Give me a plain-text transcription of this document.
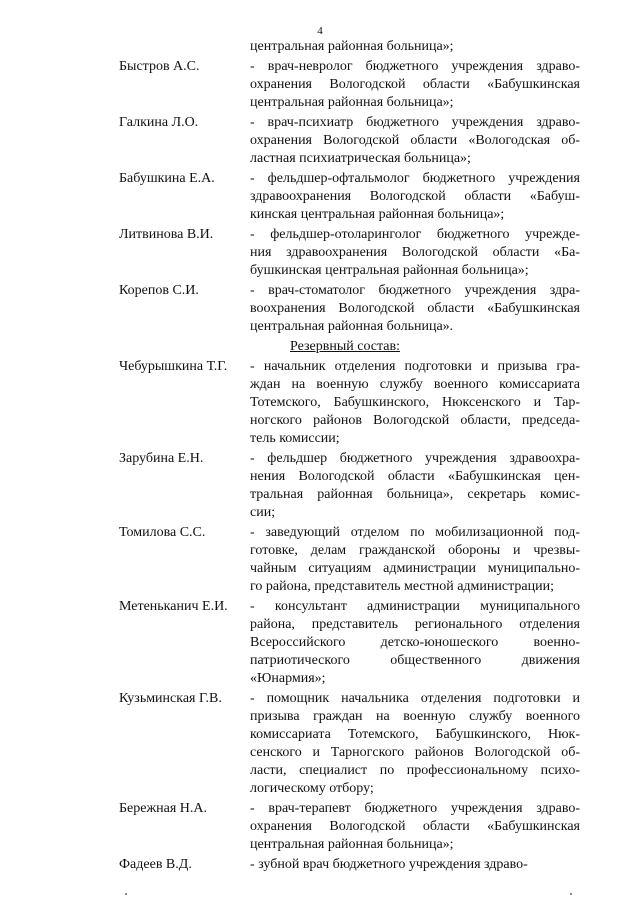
4
центральная районная больница»;
Быстров А.С.	- врач-невролог бюджетного учреждения здраво-
охранения Вологодской области «Бабушкинская
центральная районная больница»;
Галкина Л.О.	- врач-психиатр бюджетного учреждения здраво-
охранения Вологодской области «Вологодская об-
ластная психиатрическая больница»;
Бабушкина Е.А.	- фельдшер-офтальмолог бюджетного учреждения
здравоохранения Вологодской области «Бабуш-
кинская центральная районная больница»;
Литвинова В.И.	- фельдшер-отоларинголог бюджетного учрежде-
ния здравоохранения Вологодской области «Ба-
бушкинская центральная районная больница»;
Корепов С.И.	- врач-стоматолог бюджетного учреждения здра-
воохранения Вологодской области «Бабушкинская
центральная районная больница».
Резервный состав:
Чебурышкина Т.Г.	- начальник отделения подготовки и призыва гра-
ждан на военную службу военного комиссариата
Тотемского, Бабушкинского, Нюксенского и Тар-
ногского районов Вологодской области, председа-
тель комиссии;
Зарубина Е.Н.	- фельдшер бюджетного учреждения здравоохра-
нения Вологодской области «Бабушкинская цен-
тральная районная больница», секретарь комис-
сии;
Томилова С.С.	- заведующий отделом по мобилизационной под-
готовке, делам гражданской обороны и чрезвы-
чайным ситуациям администрации муниципально-
го района, представитель местной администрации;
Метеньканич Е.И.	- консультант администрации муниципального
района, представитель регионального отделения
Всероссийского детско-юношеского военно-
патриотического общественного движения
«Юнармия»;
Кузьминская Г.В.	- помощник начальника отделения подготовки и
призыва граждан на военную службу военного
комиссариата Тотемского, Бабушкинского, Нюк-
сенского и Тарногского районов Вологодской об-
ласти, специалист по профессиональному психо-
логическому отбору;
Бережная Н.А.	- врач-терапевт бюджетного учреждения здраво-
охранения Вологодской области «Бабушкинская
центральная районная больница»;
Фадеев В.Д.	- зубной врач бюджетного учреждения здраво-
